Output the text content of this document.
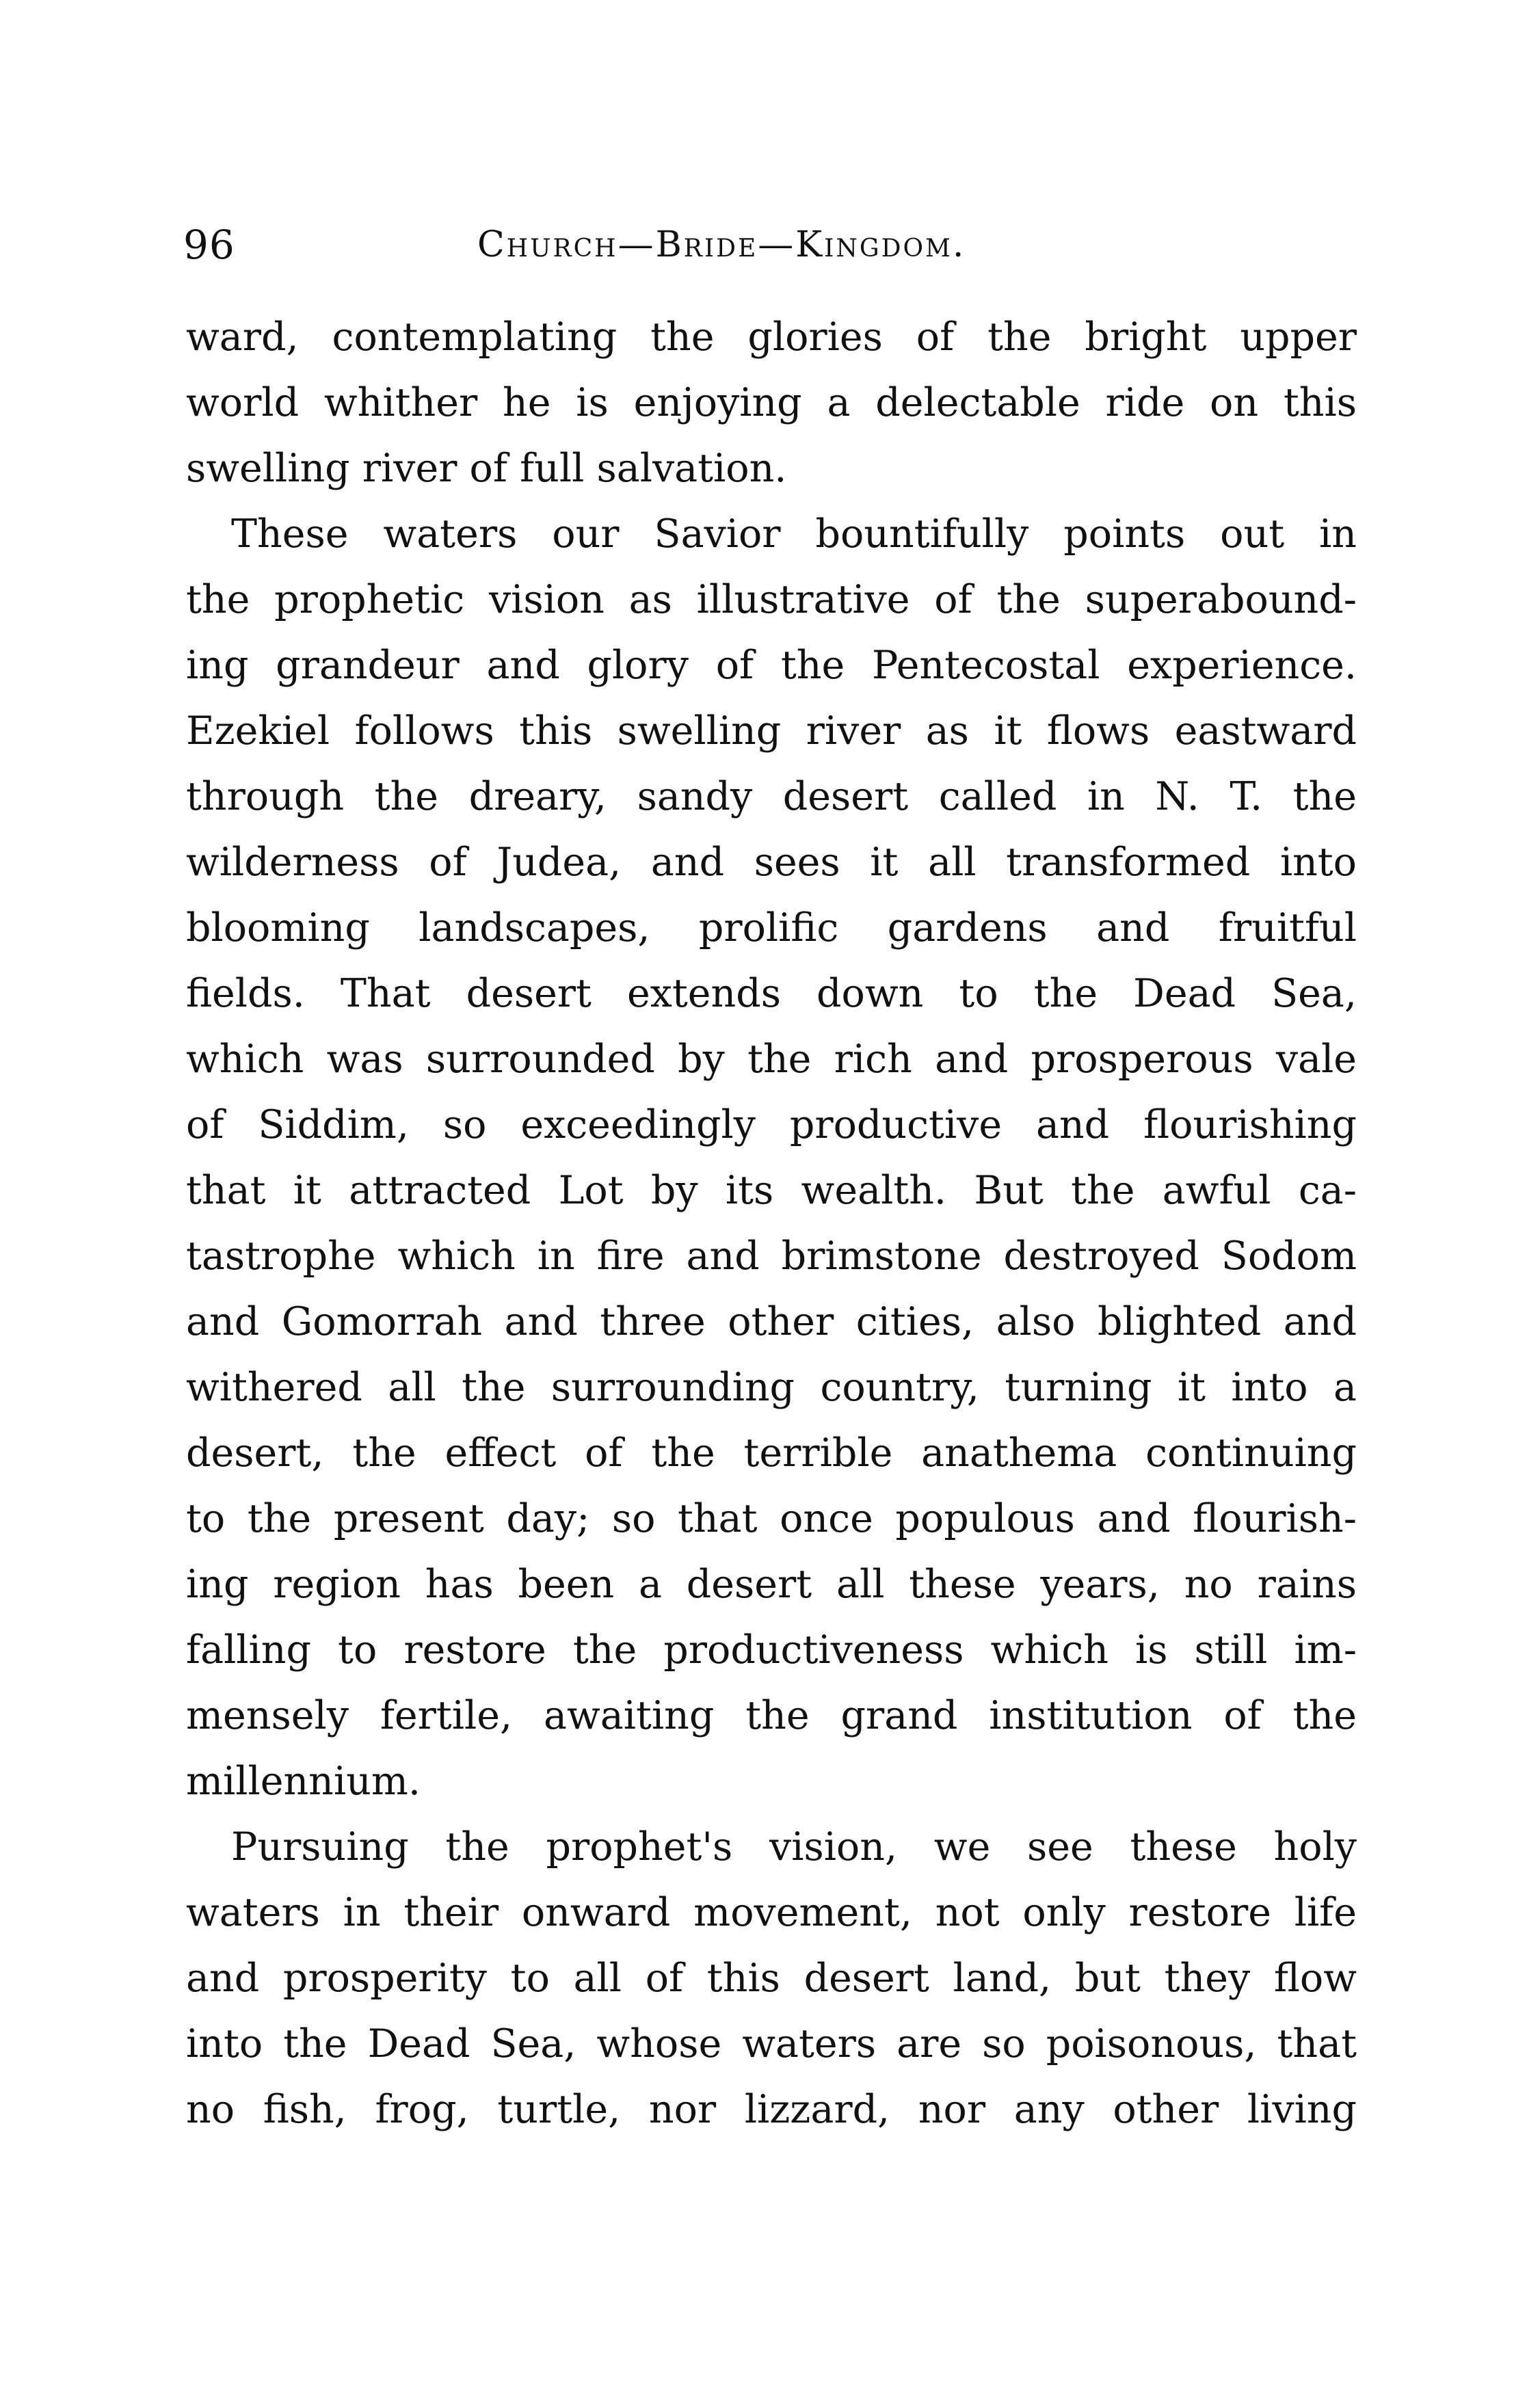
96	Church—Bride—Kingdom.
ward, contemplating the glories of the bright upper
world whither he is enjoying a delectable ride on this
swelling river of full salvation.
These waters our Savior bountifully points out in
the prophetic vision as illustrative of the superabound-
ing grandeur and glory of the Pentecostal experience.
Ezekiel follows this swelling river as it flows eastward
through the dreary, sandy desert called in N. T. the
wilderness of Judea, and sees it all transformed into
blooming landscapes, prolific gardens and fruitful
fields. That desert extends down to the Dead Sea,
which was surrounded by the rich and prosperous vale
of Siddim, so exceedingly productive and flourishing
that it attracted Lot by its wealth. But the awful ca-
tastrophe which in fire and brimstone destroyed Sodom
and Gomorrah and three other cities, also blighted and
withered all the surrounding country, turning it into a
desert, the effect of the terrible anathema continuing
to the present day; so that once populous and flourish-
ing region has been a desert all these years, no rains
falling to restore the productiveness which is still im-
mensely fertile, awaiting the grand institution of the
millennium.
Pursuing the prophet's vision, we see these holy
waters in their onward movement, not only restore life
and prosperity to all of this desert land, but they flow
into the Dead Sea, whose waters are so poisonous, that
no fish, frog, turtle, nor lizzard, nor any other living
